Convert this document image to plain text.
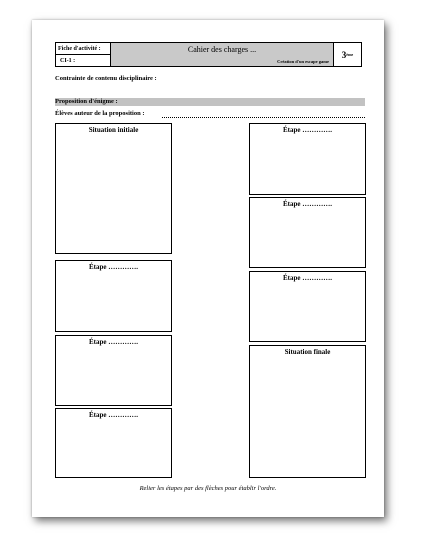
Fiche d'activité :
CI-1 :
Cahier des charges ...
Création d'un escape game
3 ème
Contrainte de contenu disciplinaire :
Proposition d'énigme :
Élèves auteur de la proposition :
Situation initiale
Étape ………….
Étape ………….
Étape ………….
Étape ………….
Étape ………….
Étape ………….
Situation finale
Relier les étapes par des flèches pour établir l'ordre.
